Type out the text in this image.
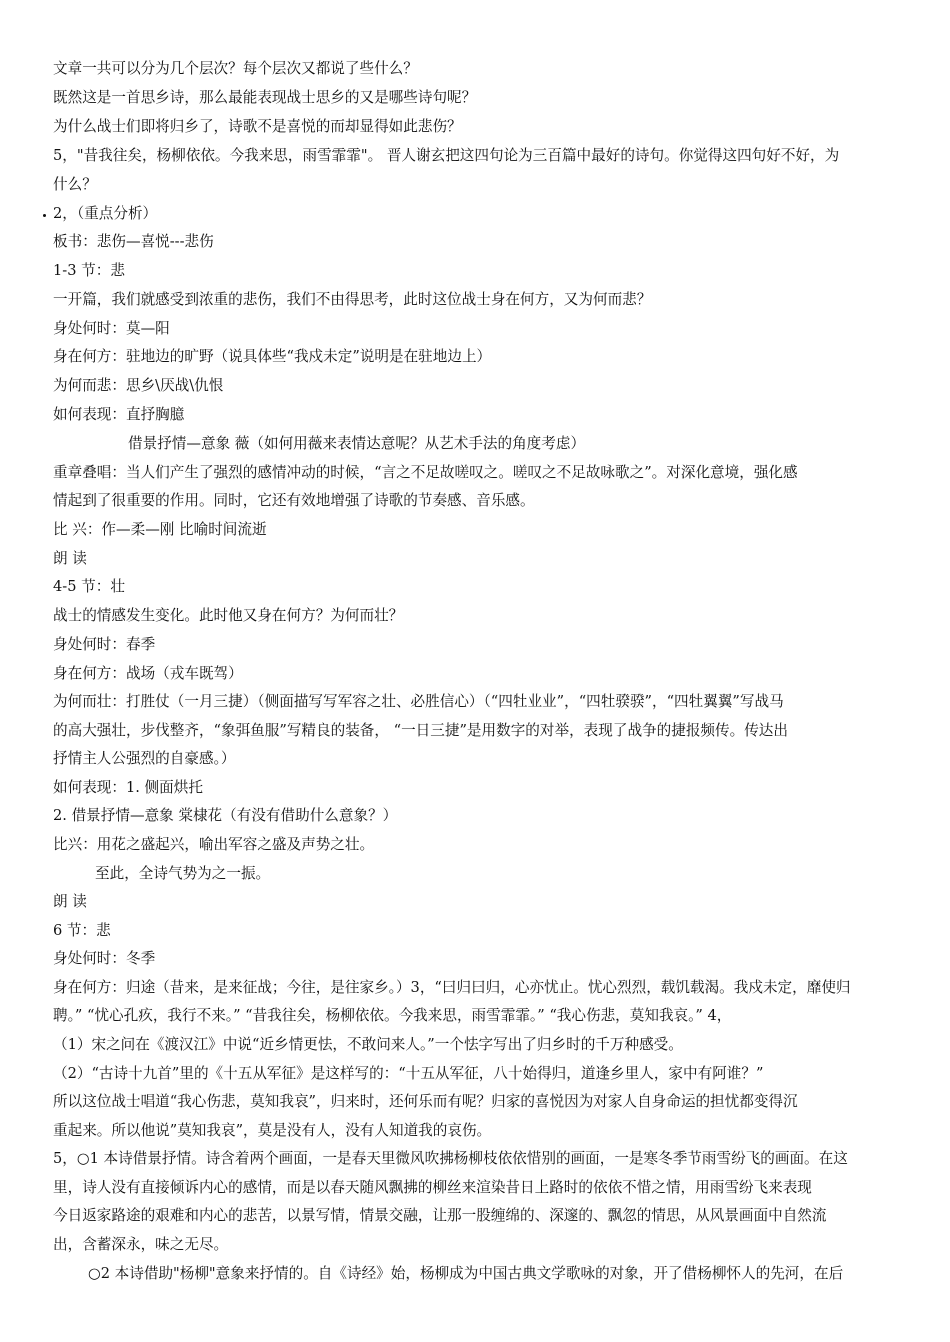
文章一共可以分为几个层次？每个层次又都说了些什么？
既然这是一首思乡诗，那么最能表现战士思乡的又是哪些诗句呢？
为什么战士们即将归乡了，诗歌不是喜悦的而却显得如此悲伤？
5，"昔我往矣，杨柳依依。今我来思，雨雪霏霏"。 晋人谢玄把这四句论为三百篇中最好的诗句。你觉得这四句好不好，为
什么？
2，（重点分析）
板书：悲伤—喜悦---悲伤
1-3 节：悲
一开篇，我们就感受到浓重的悲伤，我们不由得思考，此时这位战士身在何方，又为何而悲？
身处何时：莫—阳
身在何方：驻地边的旷野（说具体些“我戍未定”说明是在驻地边上）
为何而悲：思乡\厌战\仇恨
如何表现：直抒胸臆
借景抒情—意象 薇（如何用薇来表情达意呢？从艺术手法的角度考虑）
重章叠唱：当人们产生了强烈的感情冲动的时候，“言之不足故嗟叹之。嗟叹之不足故咏歌之”。对深化意境，强化感
情起到了很重要的作用。同时，它还有效地增强了诗歌的节奏感、音乐感。
比 兴：作—柔—刚 比喻时间流逝
朗 读
4-5 节：壮
战士的情感发生变化。此时他又身在何方？为何而壮？
身处何时：春季
身在何方：战场（戎车既驾）
为何而壮：打胜仗（一月三捷）（侧面描写写军容之壮、必胜信心）（“四牡业业”，“四牡骙骙”，“四牡翼翼”写战马
的高大强壮，步伐整齐，“象弭鱼服”写精良的装备， “一日三捷”是用数字的对举，表现了战争的捷报频传。传达出
抒情主人公强烈的自豪感。）
如何表现：1. 侧面烘托
2. 借景抒情—意象 棠棣花（有没有借助什么意象？）
比兴：用花之盛起兴，喻出军容之盛及声势之壮。
至此，全诗气势为之一振。
朗 读
6 节：悲
身处何时：冬季
身在何方：归途（昔来，是来征战；今往，是往家乡。）3，“曰归曰归，心亦忧止。忧心烈烈，载饥载渴。我戍未定，靡使归
聘。” “忧心孔疚，我行不来。” “昔我往矣，杨柳依依。今我来思，雨雪霏霏。” “我心伤悲，莫知我哀。” 4，
（1）宋之问在《渡汉江》中说“近乡情更怯，不敢问来人。”一个怯字写出了归乡时的千万种感受。
（2）“古诗十九首”里的《十五从军征》是这样写的：“十五从军征，八十始得归，道逢乡里人，家中有阿谁？”
所以这位战士唱道“我心伤悲，莫知我哀”，归来时，还何乐而有呢？归家的喜悦因为对家人自身命运的担忧都变得沉
重起来。所以他说”莫知我哀”，莫是没有人，没有人知道我的哀伤。
5，○1 本诗借景抒情。诗含着两个画面，一是春天里微风吹拂杨柳枝依依惜别的画面，一是寒冬季节雨雪纷飞的画面。在这
里，诗人没有直接倾诉内心的感情，而是以春天随风飘拂的柳丝来渲染昔日上路时的依依不惜之情，用雨雪纷飞来表现
今日返家路途的艰难和内心的悲苦，以景写情，情景交融，让那一股缠绵的、深邃的、飘忽的情思，从风景画面中自然流
出，含蓄深永，味之无尽。
○2 本诗借助"杨柳"意象来抒情的。自《诗经》始，杨柳成为中国古典文学歌咏的对象，开了借杨柳怀人的先河，在后
